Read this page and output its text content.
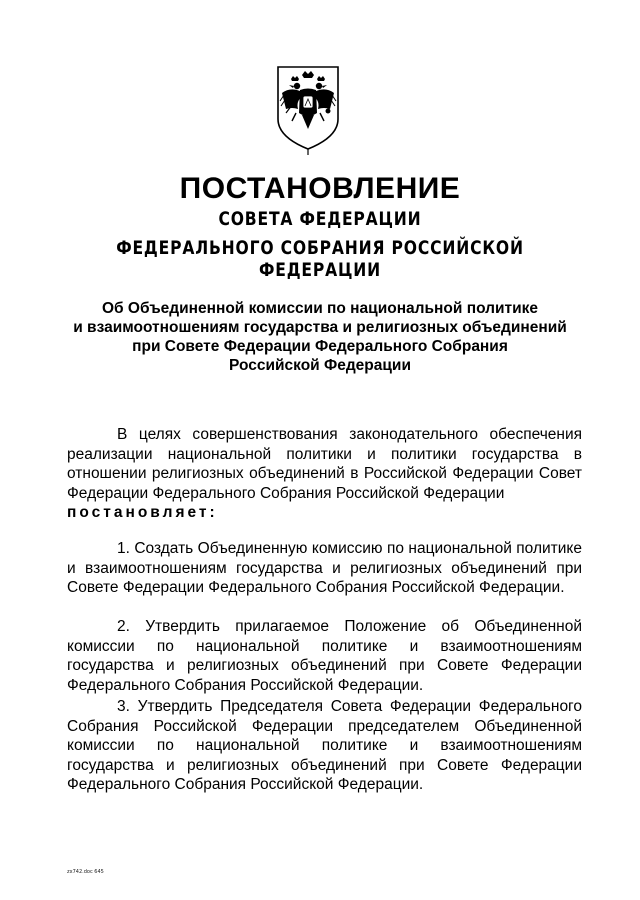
ПОСТАНОВЛЕНИЕ
СОВЕТА ФЕДЕРАЦИИ
ФЕДЕРАЛЬНОГО СОБРАНИЯ РОССИЙСКОЙ ФЕДЕРАЦИИ
Об Объединенной комиссии по национальной политике
и взаимоотношениям государства и религиозных объединений
при Совете Федерации Федерального Собрания
Российской Федерации
В целях совершенствования законодательного обеспечения реализации национальной политики и политики государства в отношении религиозных объединений в Российской Федерации Совет Федерации Федерального Собрания Российской Федерации
постановляет:
1. Создать Объединенную комиссию по национальной политике и взаимоотношениям государства и религиозных объединений при Совете Федерации Федерального Собрания Российской Федерации.
2. Утвердить прилагаемое Положение об Объединенной комиссии по национальной политике и взаимоотношениям государства и религиозных объединений при Совете Федерации Федерального Собрания Российской Федерации.
3. Утвердить Председателя Совета Федерации Федерального Собрания Российской Федерации председателем Объединенной комиссии по национальной политике и взаимоотношениям государства и религиозных объединений при Совете Федерации Федерального Собрания Российской Федерации.
zx742.doc 645
